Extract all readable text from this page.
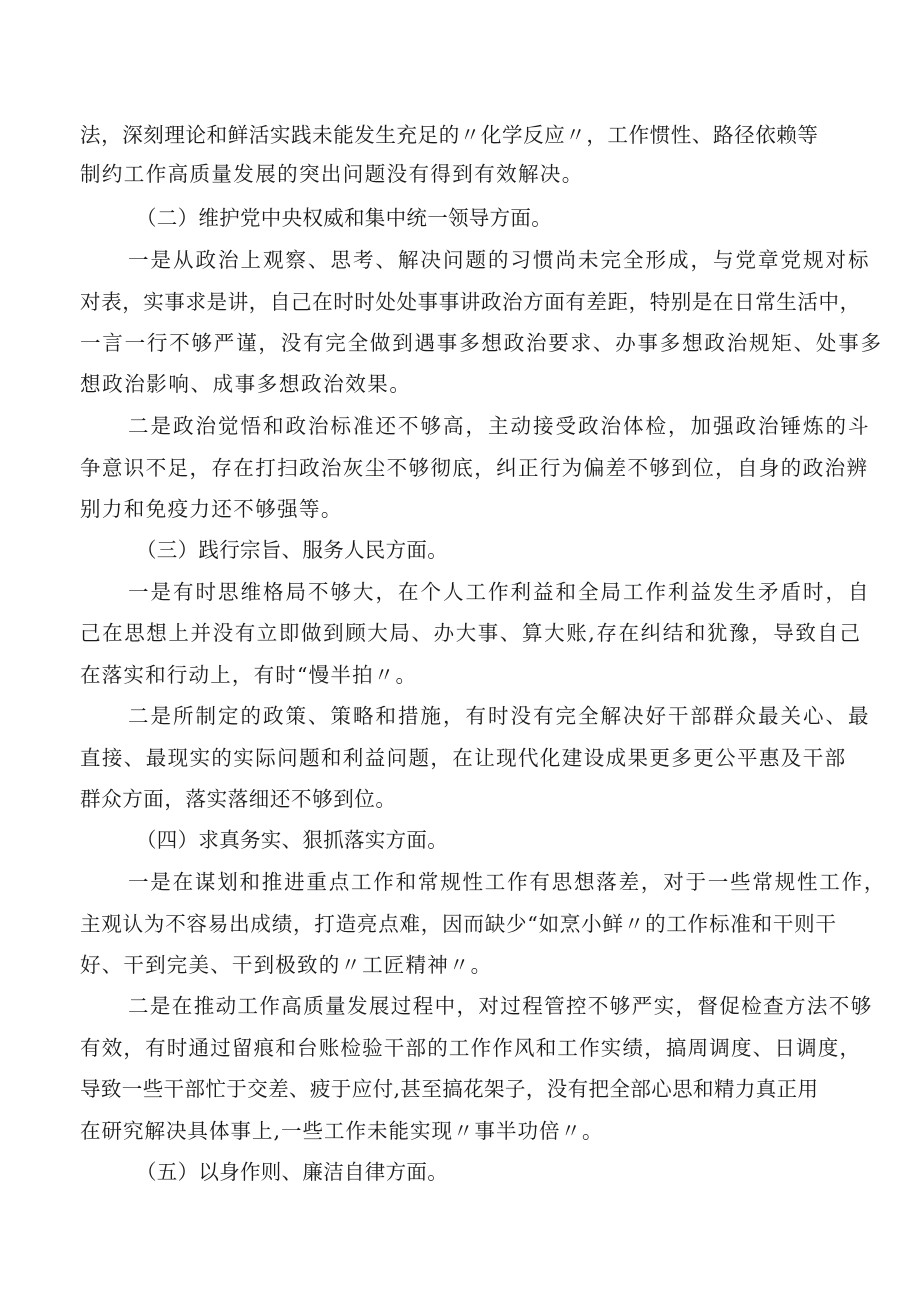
法，深刻理论和鲜活实践未能发生充足的〃化学反应〃，工作惯性、路径依赖等
制约工作高质量发展的突出问题没有得到有效解决。
（二）维护党中央权威和集中统一领导方面。
一是从政治上观察、思考、解决问题的习惯尚未完全形成，与党章党规对标
对表，实事求是讲，自己在时时处处事事讲政治方面有差距，特别是在日常生活中，
一言一行不够严谨，没有完全做到遇事多想政治要求、办事多想政治规矩、处事多
想政治影响、成事多想政治效果。
二是政治觉悟和政治标准还不够高，主动接受政治体检，加强政治锤炼的斗
争意识不足，存在打扫政治灰尘不够彻底，纠正行为偏差不够到位，自身的政治辨
别力和免疫力还不够强等。
（三）践行宗旨、服务人民方面。
一是有时思维格局不够大，在个人工作利益和全局工作利益发生矛盾时，自
己在思想上并没有立即做到顾大局、办大事、算大账,存在纠结和犹豫，导致自己
在落实和行动上，有时“慢半拍〃。
二是所制定的政策、策略和措施，有时没有完全解决好干部群众最关心、最
直接、最现实的实际问题和利益问题，在让现代化建设成果更多更公平惠及干部
群众方面，落实落细还不够到位。
（四）求真务实、狠抓落实方面。
一是在谋划和推进重点工作和常规性工作有思想落差，对于一些常规性工作，
主观认为不容易出成绩，打造亮点难，因而缺少“如烹小鲜〃的工作标准和干则干
好、干到完美、干到极致的〃工匠精神〃。
二是在推动工作高质量发展过程中，对过程管控不够严实，督促检查方法不够
有效，有时通过留痕和台账检验干部的工作作风和工作实绩，搞周调度、日调度，
导致一些干部忙于交差、疲于应付,甚至搞花架子，没有把全部心思和精力真正用
在研究解决具体事上,一些工作未能实现〃事半功倍〃。
（五）以身作则、廉洁自律方面。
